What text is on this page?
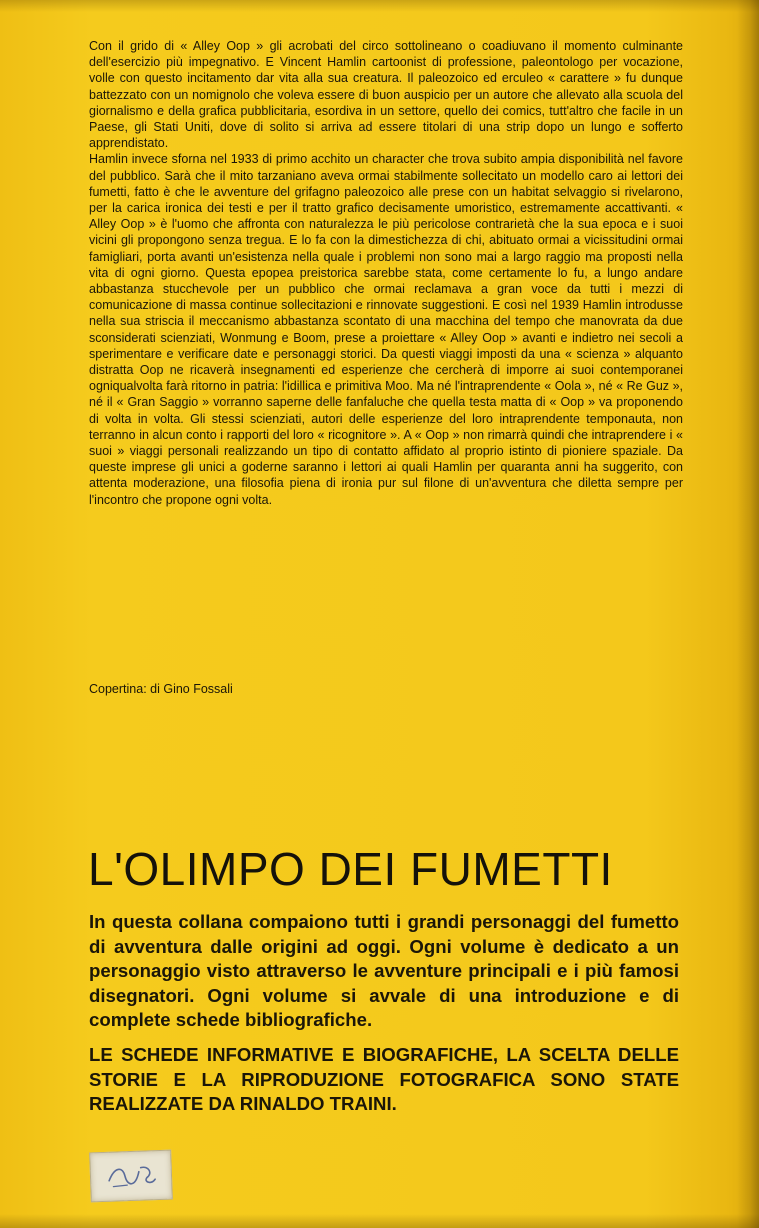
Con il grido di « Alley Oop » gli acrobati del circo sottolineano o coadiuvano il momento culminante dell'esercizio più impegnativo. E Vincent Hamlin cartoonist di professione, paleontologo per vocazione, volle con questo incitamento dar vita alla sua creatura. Il paleozoico ed erculeo « carattere » fu dunque battezzato con un nomignolo che voleva essere di buon auspicio per un autore che allevato alla scuola del giornalismo e della grafica pubblicitaria, esordiva in un settore, quello dei comics, tutt'altro che facile in un Paese, gli Stati Uniti, dove di solito si arriva ad essere titolari di una strip dopo un lungo e sofferto apprendistato.

Hamlin invece sforna nel 1933 di primo acchito un character che trova subito ampia disponibilità nel favore del pubblico. Sarà che il mito tarzaniano aveva ormai stabilmente sollecitato un modello caro ai lettori dei fumetti, fatto è che le avventure del grifagno paleozoico alle prese con un habitat selvaggio si rivelarono, per la carica ironica dei testi e per il tratto grafico decisamente umoristico, estremamente accattivanti. « Alley Oop » è l'uomo che affronta con naturalezza le più pericolose contrarietà che la sua epoca e i suoi vicini gli propongono senza tregua. E lo fa con la dimestichezza di chi, abituato ormai a vicissitudini ormai famigliari, porta avanti un'esistenza nella quale i problemi non sono mai a largo raggio ma proposti nella vita di ogni giorno. Questa epopea preistorica sarebbe stata, come certamente lo fu, a lungo andare abbastanza stucchevole per un pubblico che ormai reclamava a gran voce da tutti i mezzi di comunicazione di massa continue sollecitazioni e rinnovate suggestioni. E così nel 1939 Hamlin introdusse nella sua striscia il meccanismo abbastanza scontato di una macchina del tempo che manovrata da due sconsiderati scienziati, Wonmung e Boom, prese a proiettare « Alley Oop » avanti e indietro nei secoli a sperimentare e verificare date e personaggi storici. Da questi viaggi imposti da una « scienza » alquanto distratta Oop ne ricaverà insegnamenti ed esperienze che cercherà di imporre ai suoi contemporanei ogniqualvolta farà ritorno in patria: l'idillica e primitiva Moo. Ma né l'intraprendente « Oola », né « Re Guz », né il « Gran Saggio » vorranno saperne delle fanfaluche che quella testa matta di « Oop » va proponendo di volta in volta. Gli stessi scienziati, autori delle esperienze del loro intraprendente temponauta, non terranno in alcun conto i rapporti del loro « ricognitore ». A « Oop » non rimarrà quindi che intraprendere i « suoi » viaggi personali realizzando un tipo di contatto affidato al proprio istinto di pioniere spaziale. Da queste imprese gli unici a goderne saranno i lettori ai quali Hamlin per quaranta anni ha suggerito, con attenta moderazione, una filosofia piena di ironia pur sul filone di un'avventura che diletta sempre per l'incontro che propone ogni volta.

Copertina: di Gino Fossali
L'OLIMPO DEI FUMETTI
In questa collana compaiono tutti i grandi personaggi del fumetto di avventura dalle origini ad oggi. Ogni volume è dedicato a un personaggio visto attraverso le avventure principali e i più famosi disegnatori. Ogni volume si avvale di una introduzione e di complete schede bibliografiche.
LE SCHEDE INFORMATIVE E BIOGRAFICHE, LA SCELTA DELLE STORIE E LA RIPRODUZIONE FOTOGRAFICA SONO STATE REALIZZATE DA RINALDO TRAINI.
